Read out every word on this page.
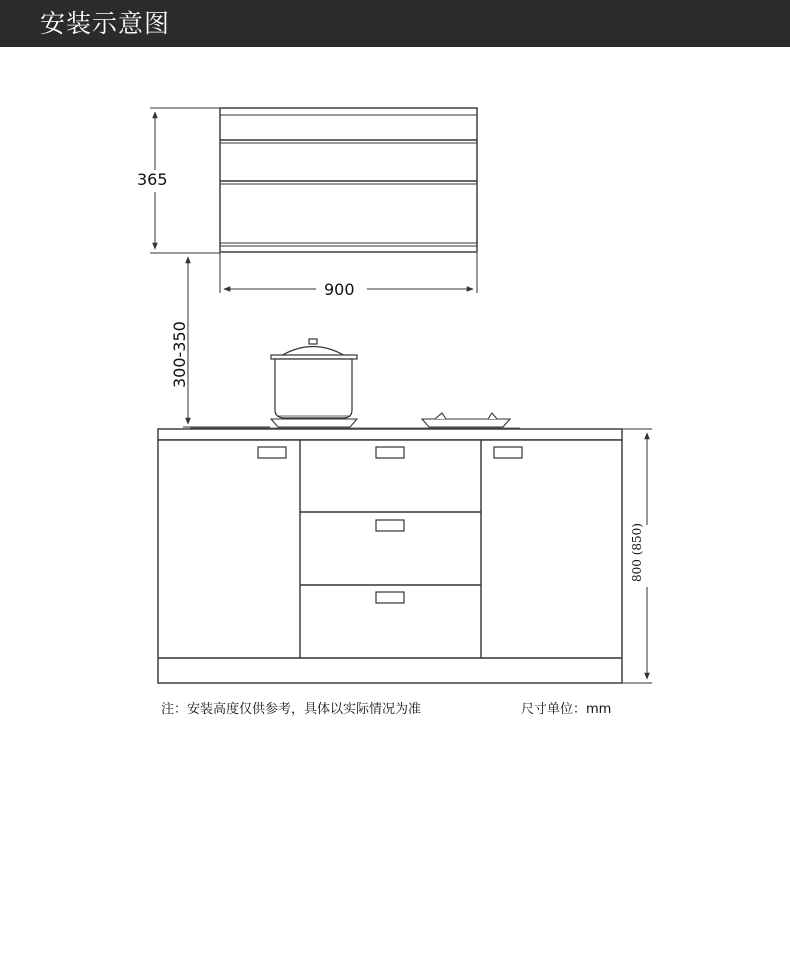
安装示意图
365
900
300-350
800 (850)
注：安装高度仅供参考，具体以实际情况为准	尺寸单位：mm
